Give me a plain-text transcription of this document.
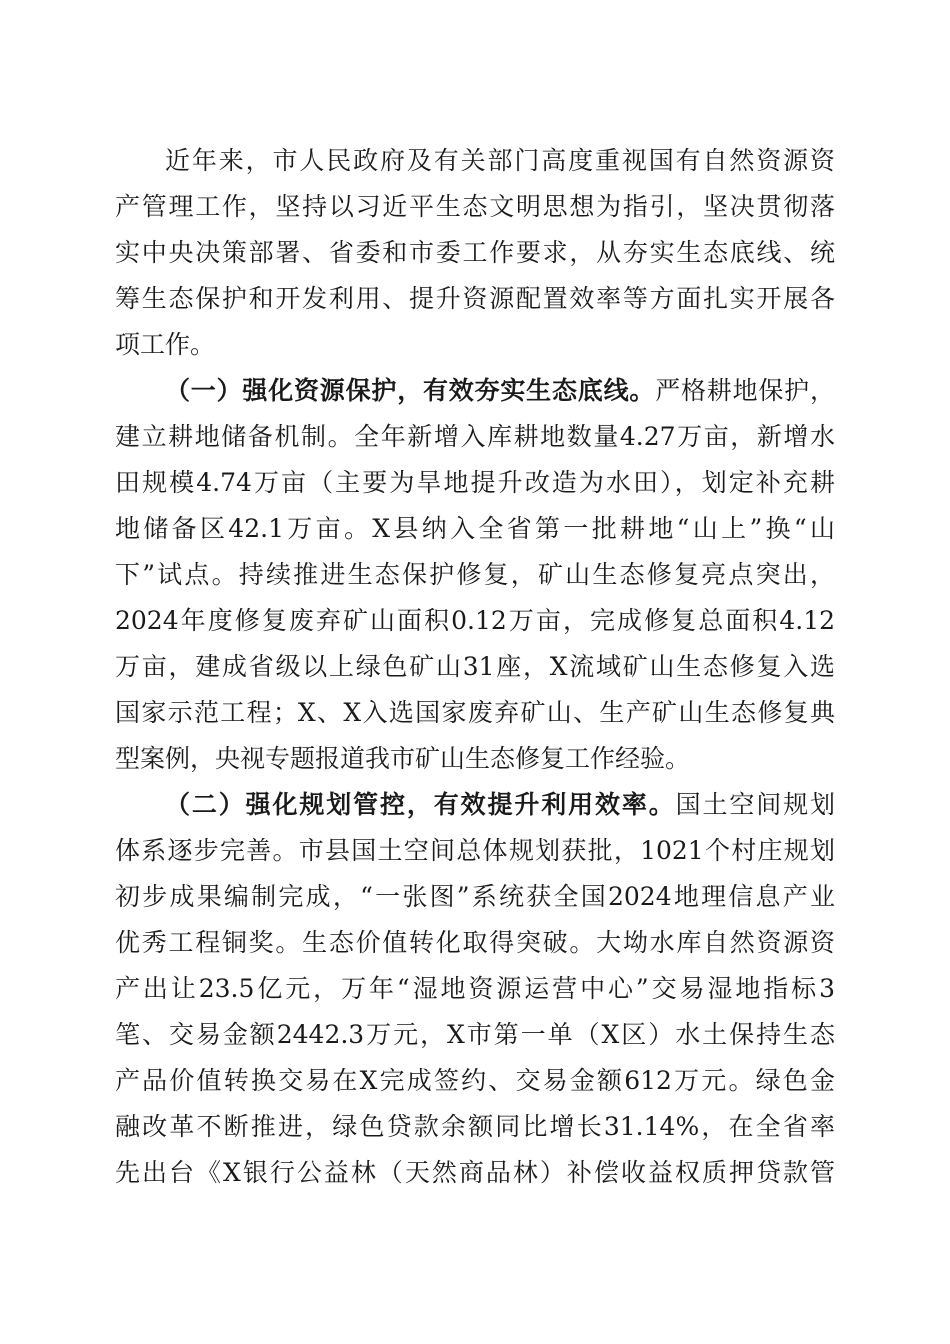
近年来，市人民政府及有关部门高度重视国有自然资源资
产管理工作，坚持以习近平生态文明思想为指引，坚决贯彻落
实中央决策部署、省委和市委工作要求，从夯实生态底线、统
筹生态保护和开发利用、提升资源配置效率等方面扎实开展各
项工作。
（一）强化资源保护，有效夯实生态底线。严格耕地保护，
建立耕地储备机制。全年新增入库耕地数量4.27万亩，新增水
田规模4.74万亩（主要为旱地提升改造为水田），划定补充耕
地储备区42.1万亩。X县纳入全省第一批耕地“山上”换“山
下”试点。持续推进生态保护修复，矿山生态修复亮点突出，
2024年度修复废弃矿山面积0.12万亩，完成修复总面积4.12
万亩，建成省级以上绿色矿山31座，X流域矿山生态修复入选
国家示范工程；X、X入选国家废弃矿山、生产矿山生态修复典
型案例，央视专题报道我市矿山生态修复工作经验。
（二）强化规划管控，有效提升利用效率。国土空间规划
体系逐步完善。市县国土空间总体规划获批，1021个村庄规划
初步成果编制完成，“一张图”系统获全国2024地理信息产业
优秀工程铜奖。生态价值转化取得突破。大坳水库自然资源资
产出让23.5亿元，万年“湿地资源运营中心”交易湿地指标3
笔、交易金额2442.3万元，X市第一单（X区）水土保持生态
产品价值转换交易在X完成签约、交易金额612万元。绿色金
融改革不断推进，绿色贷款余额同比增长31.14%，在全省率
先出台《X银行公益林（天然商品林）补偿收益权质押贷款管
